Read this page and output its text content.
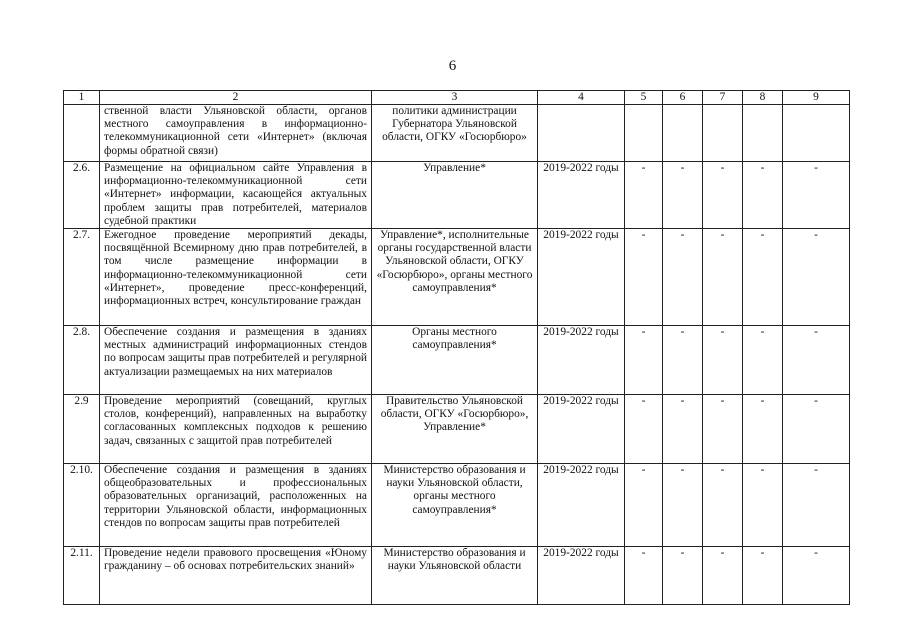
6
1	2	3	4	5	6	7	8	9
	ственной власти Ульяновской области, органов местного самоуправления в информационно-телекоммуникационной сети «Интернет» (включая формы обратной связи)	политики администрации Губернатора Ульяновской области, ОГКУ «Госюрбюро»						
2.6.	Размещение на официальном сайте Управления в информационно-телекоммуникационной сети «Интернет» информации, касающейся актуальных проблем защиты прав потребителей, материалов судебной практики	Управление*	2019-2022 годы	-	-	-	-	-
2.7.	Ежегодное проведение мероприятий декады, посвящённой Всемирному дню прав потребителей, в том числе размещение информации в информационно-телекоммуникационной сети «Интернет», проведение пресс-конференций, информационных встреч, консультирование граждан	Управление*, исполнительные органы государственной власти Ульяновской области, ОГКУ «Госюрбюро», органы местного самоуправления*	2019-2022 годы	-	-	-	-	-
2.8.	Обеспечение создания и размещения в зданиях местных администраций информационных стендов по вопросам защиты прав потребителей и регулярной актуализации размещаемых на них материалов	Органы местного самоуправления*	2019-2022 годы	-	-	-	-	-
2.9	Проведение мероприятий (совещаний, круглых столов, конференций), направленных на выработку согласованных комплексных подходов к решению задач, связанных с защитой прав потребителей	Правительство Ульяновской области, ОГКУ «Госюрбюро», Управление*	2019-2022 годы	-	-	-	-	-
2.10.	Обеспечение создания и размещения в зданиях общеобразовательных и профессиональных образовательных организаций, расположенных на территории Ульяновской области, информационных стендов по вопросам защиты прав потребителей	Министерство образования и науки Ульяновской области, органы местного самоуправления*	2019-2022 годы	-	-	-	-	-
2.11.	Проведение недели правового просвещения «Юному гражданину – об основах потребительских знаний»	Министерство образования и науки Ульяновской области	2019-2022 годы	-	-	-	-	-
